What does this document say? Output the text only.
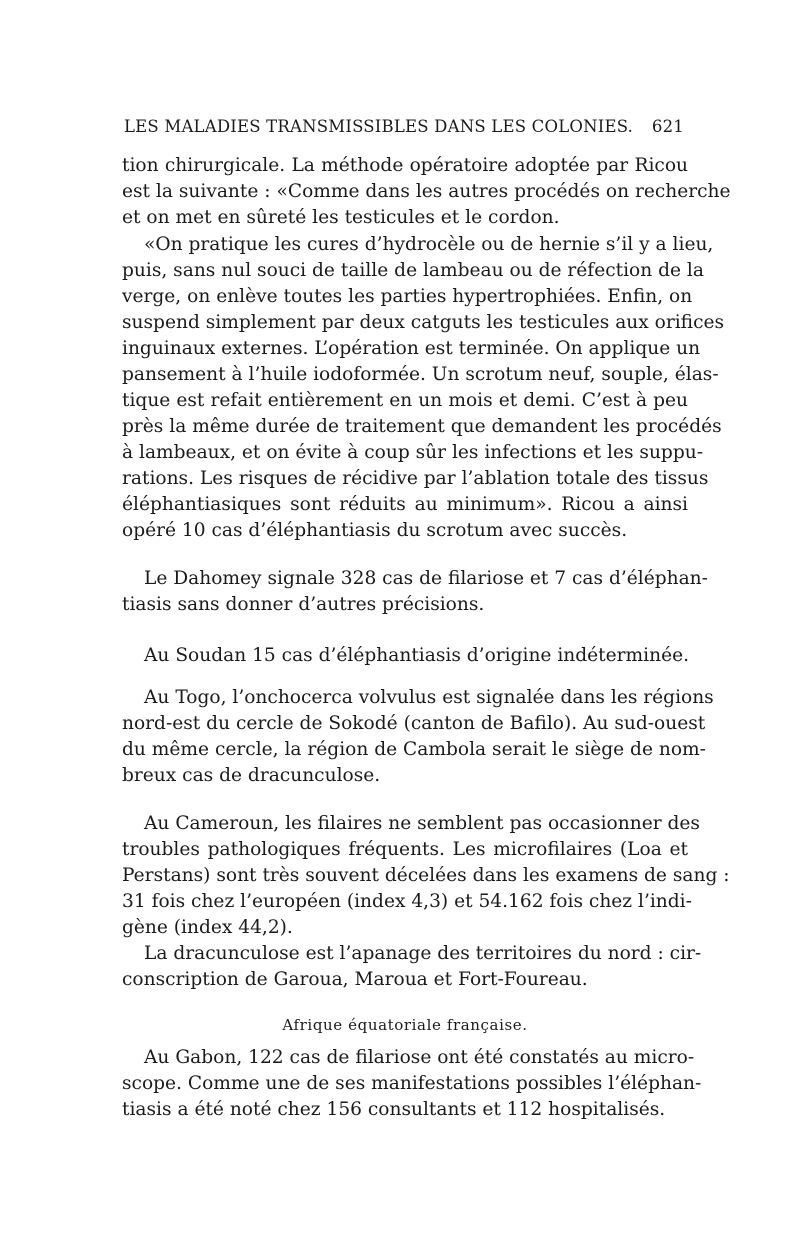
LES MALADIES TRANSMISSIBLES DANS LES COLONIES. 621
tion chirurgicale. La méthode opératoire adoptée par Ricou
est la suivante : «Comme dans les autres procédés on recherche
et on met en sûreté les testicules et le cordon.
«On pratique les cures d’hydrocèle ou de hernie s’il y a lieu,
puis, sans nul souci de taille de lambeau ou de réfection de la
verge, on enlève toutes les parties hypertrophiées. Enfin, on
suspend simplement par deux catguts les testicules aux orifices
inguinaux externes. L’opération est terminée. On applique un
pansement à l’huile iodoformée. Un scrotum neuf, souple, élas-
tique est refait entièrement en un mois et demi. C’est à peu
près la même durée de traitement que demandent les procédés
à lambeaux, et on évite à coup sûr les infections et les suppu-
rations. Les risques de récidive par l’ablation totale des tissus
éléphantiasiques sont réduits au minimum». Ricou a ainsi
opéré 10 cas d’éléphantiasis du scrotum avec succès.
Le Dahomey signale 328 cas de filariose et 7 cas d’éléphan-
tiasis sans donner d’autres précisions.
Au Soudan 15 cas d’éléphantiasis d’origine indéterminée.
Au Togo, l’onchocerca volvulus est signalée dans les régions
nord-est du cercle de Sokodé (canton de Bafilo). Au sud-ouest
du même cercle, la région de Cambola serait le siège de nom-
breux cas de dracunculose.
Au Cameroun, les filaires ne semblent pas occasionner des
troubles pathologiques fréquents. Les microfilaires (Loa et
Perstans) sont très souvent décelées dans les examens de sang :
31 fois chez l’européen (index 4,3) et 54.162 fois chez l’indi-
gène (index 44,2).
La dracunculose est l’apanage des territoires du nord : cir-
conscription de Garoua, Maroua et Fort-Foureau.
Afrique équatoriale française.
Au Gabon, 122 cas de filariose ont été constatés au micro-
scope. Comme une de ses manifestations possibles l’éléphan-
tiasis a été noté chez 156 consultants et 112 hospitalisés.
